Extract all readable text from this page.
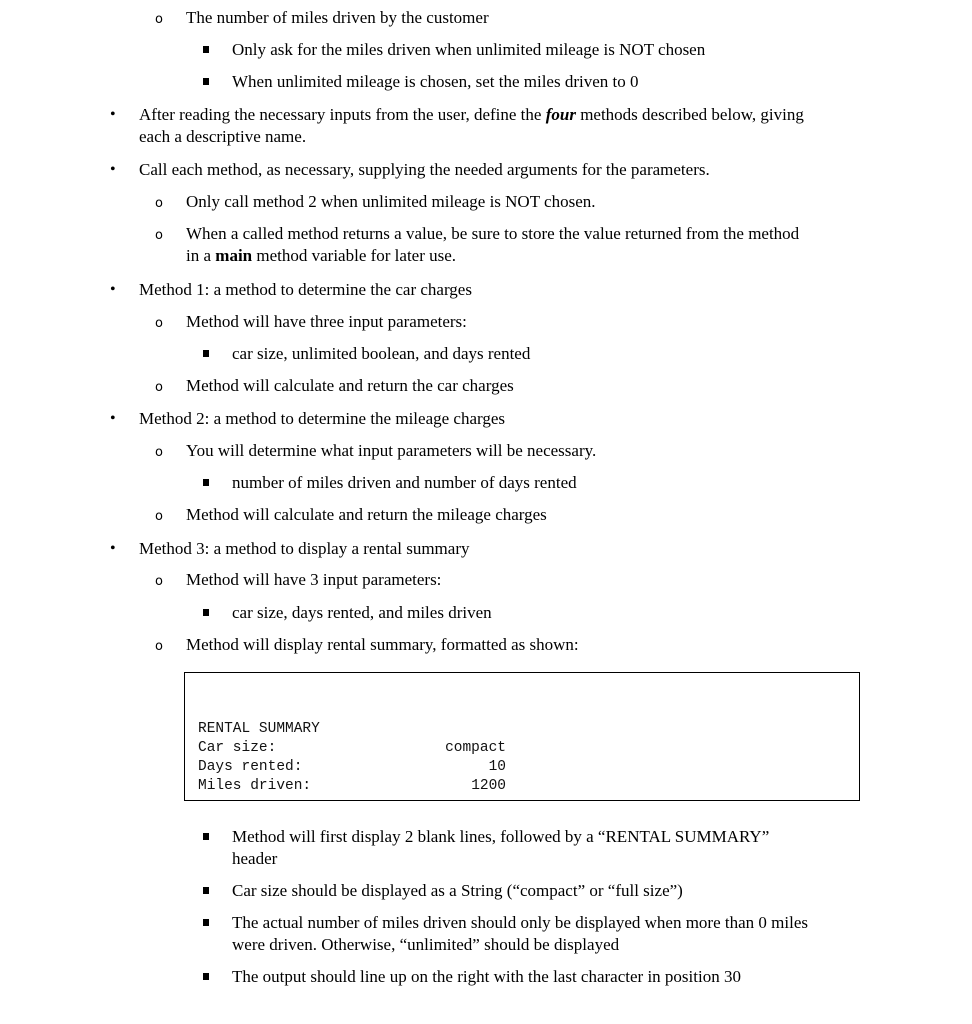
o The number of miles driven by the customer
Only ask for the miles driven when unlimited mileage is NOT chosen
When unlimited mileage is chosen, set the miles driven to 0
• After reading the necessary inputs from the user, define the four methods described below, giving
each a descriptive name.
• Call each method, as necessary, supplying the needed arguments for the parameters.
o Only call method 2 when unlimited mileage is NOT chosen.
o When a called method returns a value, be sure to store the value returned from the method
in a main method variable for later use.
• Method 1: a method to determine the car charges
o Method will have three input parameters:
car size, unlimited boolean, and days rented
o Method will calculate and return the car charges
• Method 2: a method to determine the mileage charges
o You will determine what input parameters will be necessary.
number of miles driven and number of days rented
o Method will calculate and return the mileage charges
• Method 3: a method to display a rental summary
o Method will have 3 input parameters:
car size, days rented, and miles driven
o Method will display rental summary, formatted as shown:
RENTAL SUMMARY
Car size:
Days rented:
Miles driven:
compact
10
1200
Method will first display 2 blank lines, followed by a “RENTAL SUMMARY”
header
Car size should be displayed as a String (“compact” or “full size”)
The actual number of miles driven should only be displayed when more than 0 miles
were driven. Otherwise, “unlimited” should be displayed
The output should line up on the right with the last character in position 30
